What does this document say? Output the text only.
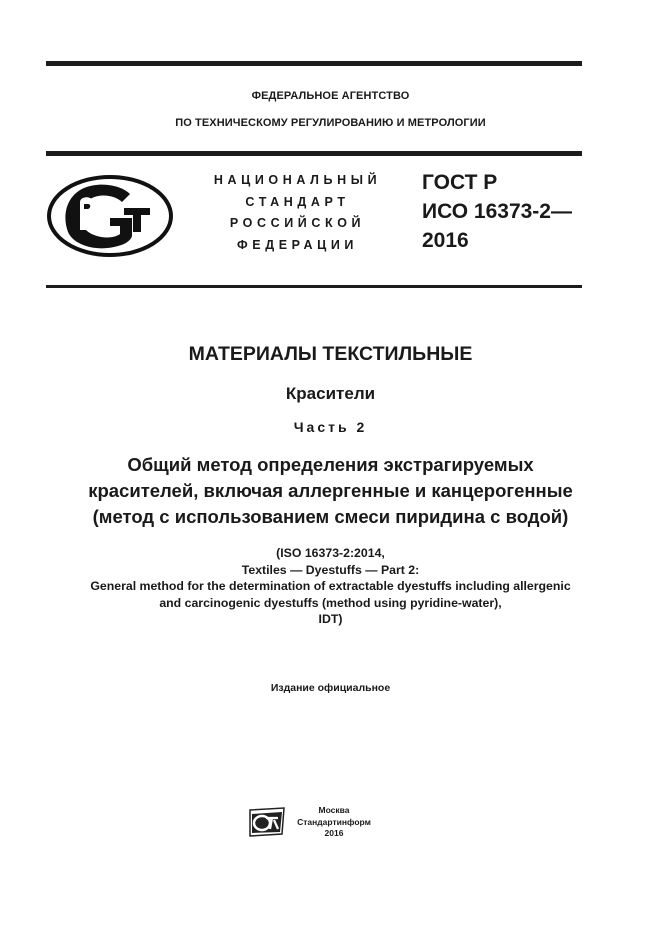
ФЕДЕРАЛЬНОЕ АГЕНТСТВО
ПО ТЕХНИЧЕСКОМУ РЕГУЛИРОВАНИЮ И МЕТРОЛОГИИ
НАЦИОНАЛЬНЫЙ
СТАНДАРТ
РОССИЙСКОЙ
ФЕДЕРАЦИИ
ГОСТ Р
ИСО 16373-2—
2016
МАТЕРИАЛЫ ТЕКСТИЛЬНЫЕ
Красители
Часть 2
Общий метод определения экстрагируемых
красителей, включая аллергенные и канцерогенные
(метод с использованием смеси пиридина с водой)
(ISO 16373-2:2014,
Textiles — Dyestuffs — Part 2:
General method for the determination of extractable dyestuffs including allergenic
and carcinogenic dyestuffs (method using pyridine-water),
IDT)
Издание официальное
Москва
Стандартинформ
2016
